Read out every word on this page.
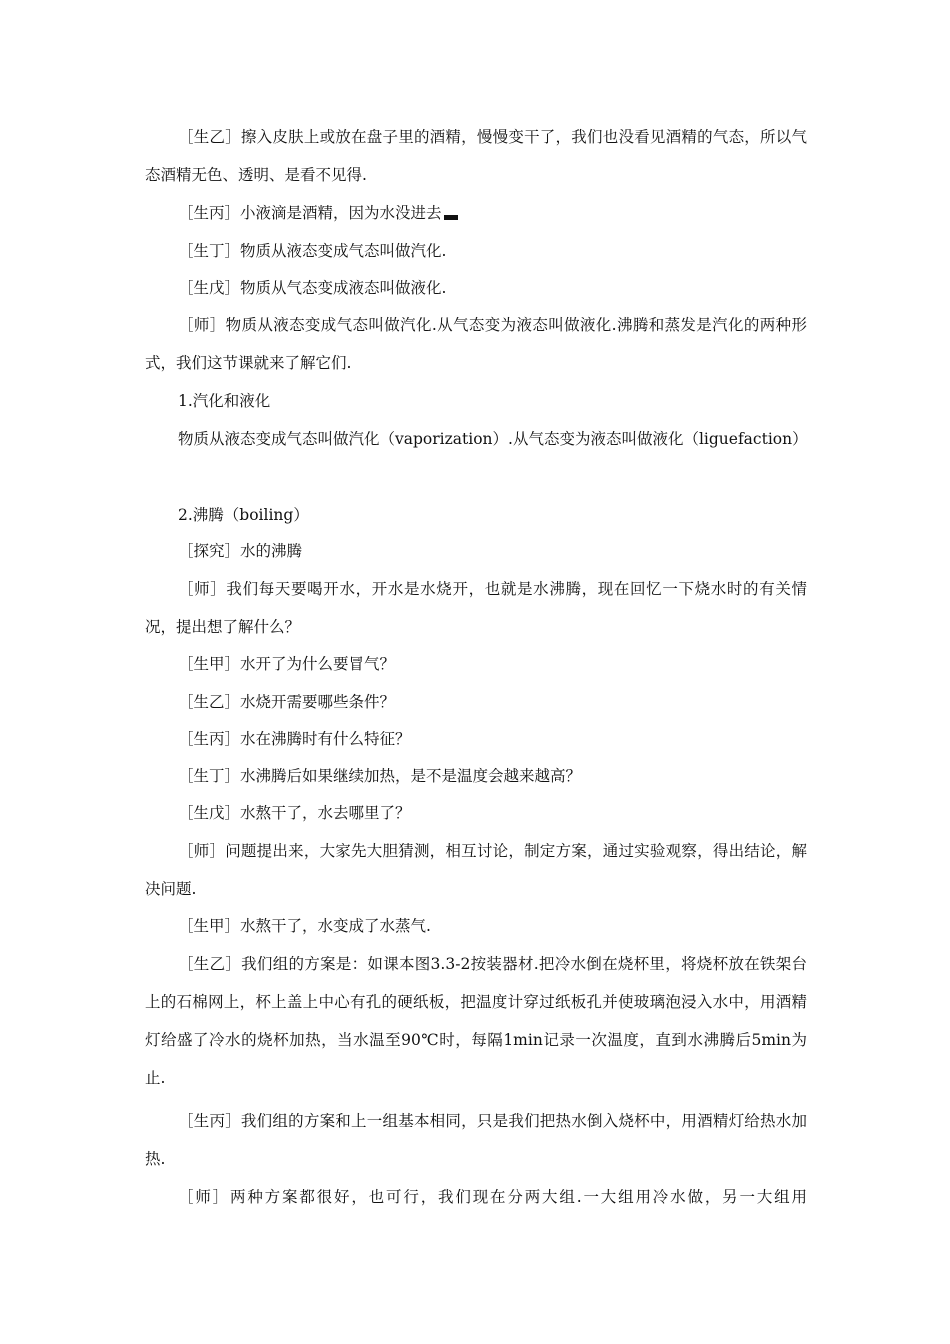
［生乙］擦入皮肤上或放在盘子里的酒精，慢慢变干了，我们也没看见酒精的气态，所以气态酒精无色、透明、是看不见得.

［生丙］小液滴是酒精，因为水没进去

［生丁］物质从液态变成气态叫做汽化.

［生戊］物质从气态变成液态叫做液化.

［师］物质从液态变成气态叫做汽化.从气态变为液态叫做液化.沸腾和蒸发是汽化的两种形式，我们这节课就来了解它们.

1.汽化和液化

物质从液态变成气态叫做汽化（vaporization）.从气态变为液态叫做液化（liguefaction）

2.沸腾（boiling）

［探究］水的沸腾

［师］我们每天要喝开水，开水是水烧开，也就是水沸腾，现在回忆一下烧水时的有关情况，提出想了解什么？

［生甲］水开了为什么要冒气？

［生乙］水烧开需要哪些条件？

［生丙］水在沸腾时有什么特征？

［生丁］水沸腾后如果继续加热，是不是温度会越来越高？

［生戊］水熬干了，水去哪里了？

［师］问题提出来，大家先大胆猜测，相互讨论，制定方案，通过实验观察，得出结论，解决问题.

［生甲］水熬干了，水变成了水蒸气.

［生乙］我们组的方案是：如课本图3.3-2按装器材.把冷水倒在烧杯里，将烧杯放在铁架台上的石棉网上，杯上盖上中心有孔的硬纸板，把温度计穿过纸板孔并使玻璃泡浸入水中，用酒精灯给盛了冷水的烧杯加热，当水温至90℃时，每隔1min记录一次温度，直到水沸腾后5min为止.

［生丙］我们组的方案和上一组基本相同，只是我们把热水倒入烧杯中，用酒精灯给热水加热.

［师］两种方案都很好，也可行，我们现在分两大组.一大组用冷水做，另一大组用
